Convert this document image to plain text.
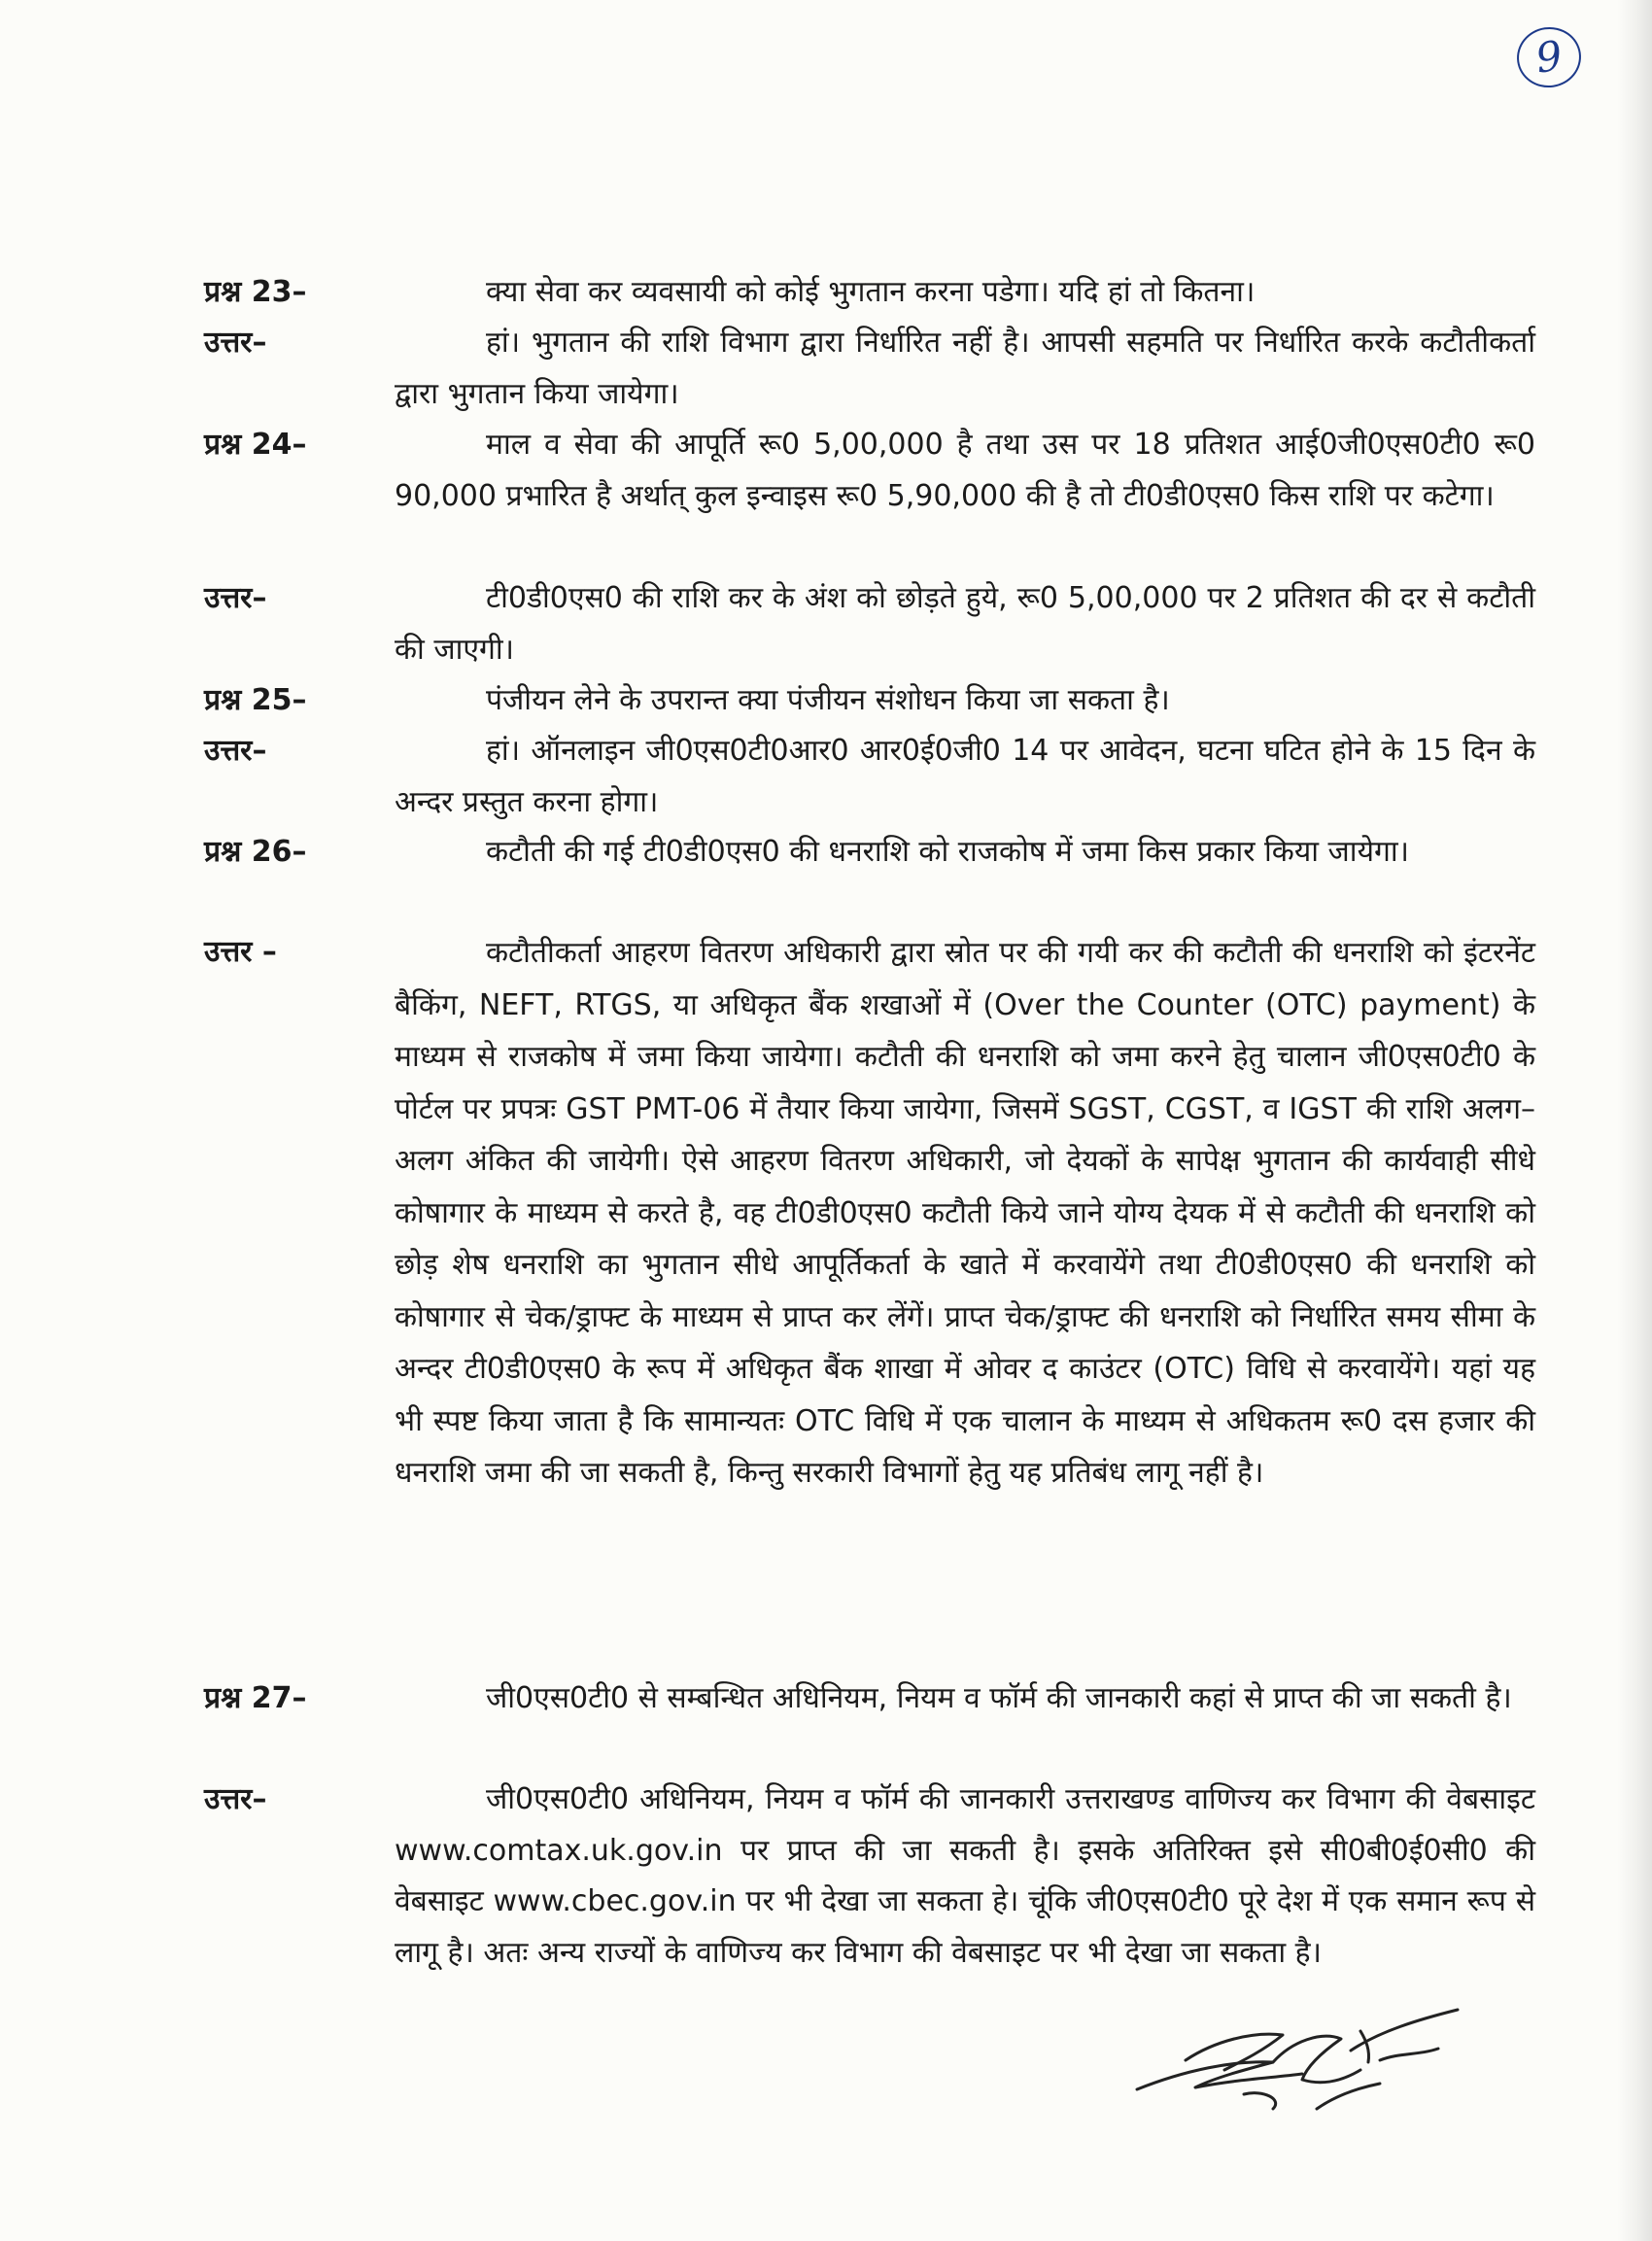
9
प्रश्न 23–	क्या सेवा कर व्यवसायी को कोई भुगतान करना पडेगा। यदि हां तो कितना।
उत्तर–	हां। भुगतान की राशि विभाग द्वारा निर्धारित नहीं है। आपसी सहमति पर निर्धारित करके कटौतीकर्ता द्वारा भुगतान किया जायेगा।
प्रश्न 24–	माल व सेवा की आपूर्ति रू0 5,00,000 है तथा उस पर 18 प्रतिशत आई0जी0एस0टी0 रू0 90,000 प्रभारित है अर्थात् कुल इन्वाइस रू0 5,90,000 की है तो टी0डी0एस0 किस राशि पर कटेगा।
उत्तर–	टी0डी0एस0 की राशि कर के अंश को छोड़ते हुये, रू0 5,00,000 पर 2 प्रतिशत की दर से कटौती की जाएगी।
प्रश्न 25–	पंजीयन लेने के उपरान्त क्या पंजीयन संशोधन किया जा सकता है।
उत्तर–	हां। ऑनलाइन जी0एस0टी0आर0 आर0ई0जी0 14 पर आवेदन, घटना घटित होने के 15 दिन के अन्दर प्रस्तुत करना होगा।
प्रश्न 26–	कटौती की गई टी0डी0एस0 की धनराशि को राजकोष में जमा किस प्रकार किया जायेगा।
उत्तर –	कटौतीकर्ता आहरण वितरण अधिकारी द्वारा स्रोत पर की गयी कर की कटौती की धनराशि को इंटरनेंट बैकिंग, NEFT, RTGS, या अधिकृत बैंक शखाओं में (Over the Counter (OTC) payment) के माध्यम से राजकोष में जमा किया जायेगा। कटौती की धनराशि को जमा करने हेतु चालान जी0एस0टी0 के पोर्टल पर प्रपत्रः GST PMT-06 में तैयार किया जायेगा, जिसमें SGST, CGST, व IGST की राशि अलग–अलग अंकित की जायेगी। ऐसे आहरण वितरण अधिकारी, जो देयकों के सापेक्ष भुगतान की कार्यवाही सीधे कोषागार के माध्यम से करते है, वह टी0डी0एस0 कटौती किये जाने योग्य देयक में से कटौती की धनराशि को छोड़ शेष धनराशि का भुगतान सीधे आपूर्तिकर्ता के खाते में करवायेंगे तथा टी0डी0एस0 की धनराशि को कोषागार से चेक/ड्राफ्ट के माध्यम से प्राप्त कर लेंगें। प्राप्त चेक/ड्राफ्ट की धनराशि को निर्धारित समय सीमा के अन्दर टी0डी0एस0 के रूप में अधिकृत बैंक शाखा में ओवर द काउंटर (OTC) विधि से करवायेंगे। यहां यह भी स्पष्ट किया जाता है कि सामान्यतः OTC विधि में एक चालान के माध्यम से अधिकतम रू0 दस हजार की धनराशि जमा की जा सकती है, किन्तु सरकारी विभागों हेतु यह प्रतिबंध लागू नहीं है।
प्रश्न 27–	जी0एस0टी0 से सम्बन्धित अधिनियम, नियम व फॉर्म की जानकारी कहां से प्राप्त की जा सकती है।
उत्तर–	जी0एस0टी0 अधिनियम, नियम व फॉर्म की जानकारी उत्तराखण्ड वाणिज्य कर विभाग की वेबसाइट www.comtax.uk.gov.in पर प्राप्त की जा सकती है। इसके अतिरिक्त इसे सी0बी0ई0सी0 की वेबसाइट www.cbec.gov.in पर भी देखा जा सकता हे। चूंकि जी0एस0टी0 पूरे देश में एक समान रूप से लागू है। अतः अन्य राज्यों के वाणिज्य कर विभाग की वेबसाइट पर भी देखा जा सकता है।
